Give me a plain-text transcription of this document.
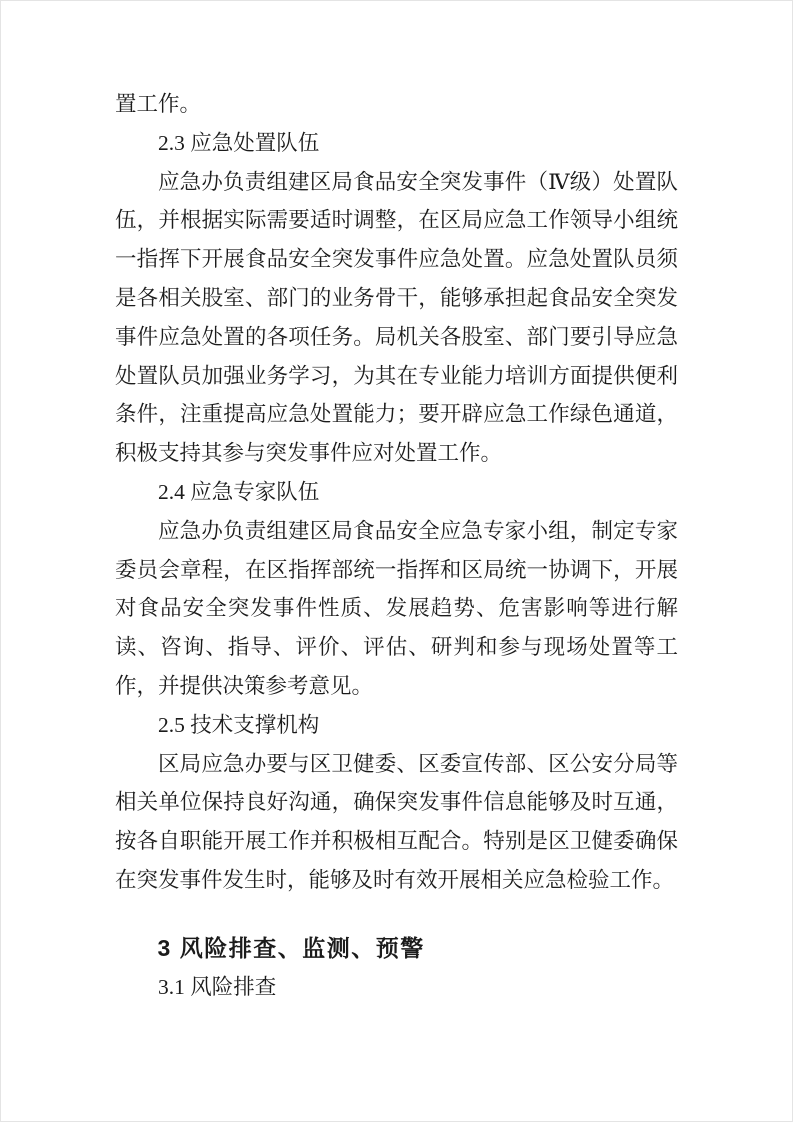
置工作。

2.3 应急处置队伍

应急办负责组建区局食品安全突发事件（Ⅳ级）处置队伍，并根据实际需要适时调整，在区局应急工作领导小组统一指挥下开展食品安全突发事件应急处置。应急处置队员须是各相关股室、部门的业务骨干，能够承担起食品安全突发事件应急处置的各项任务。局机关各股室、部门要引导应急处置队员加强业务学习，为其在专业能力培训方面提供便利条件，注重提高应急处置能力；要开辟应急工作绿色通道，积极支持其参与突发事件应对处置工作。

2.4 应急专家队伍

应急办负责组建区局食品安全应急专家小组，制定专家委员会章程，在区指挥部统一指挥和区局统一协调下，开展对食品安全突发事件性质、发展趋势、危害影响等进行解读、咨询、指导、评价、评估、研判和参与现场处置等工作，并提供决策参考意见。

2.5 技术支撑机构

区局应急办要与区卫健委、区委宣传部、区公安分局等相关单位保持良好沟通，确保突发事件信息能够及时互通，按各自职能开展工作并积极相互配合。特别是区卫健委确保在突发事件发生时，能够及时有效开展相关应急检验工作。

3 风险排查、监测、预警

3.1 风险排查
